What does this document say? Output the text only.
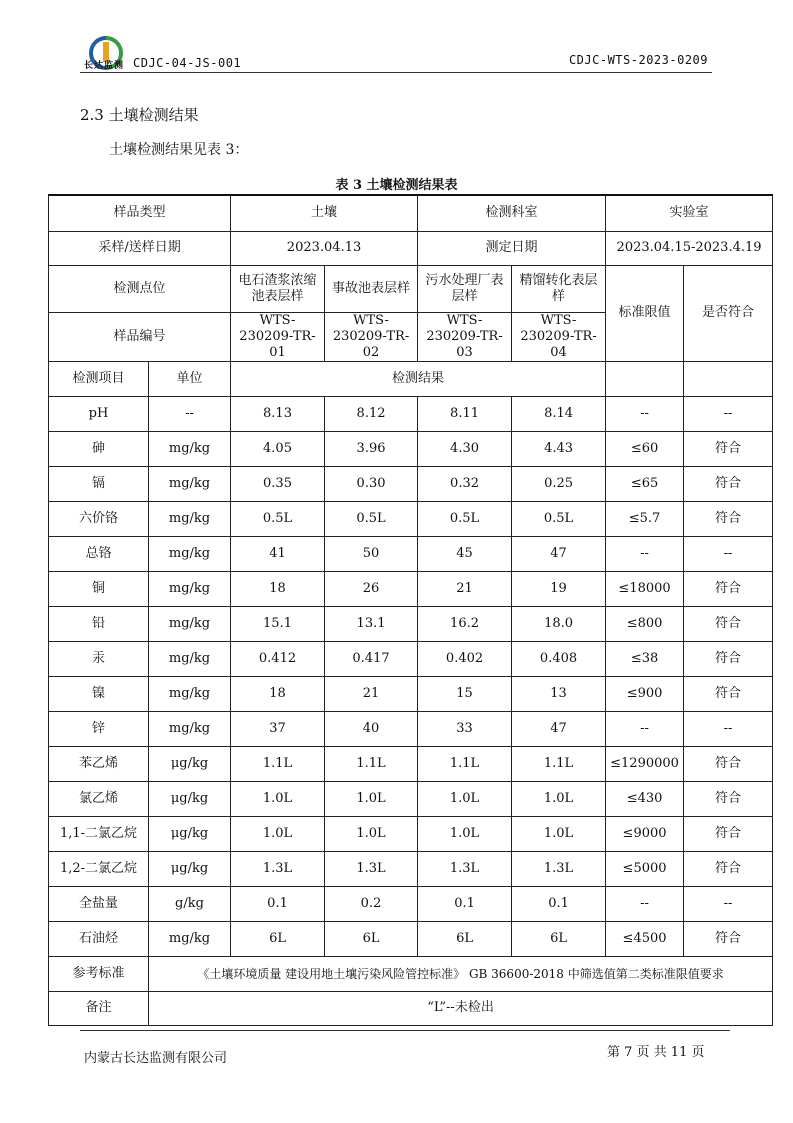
长达监测 CDJC-04-JS-001	CDJC-WTS-2023-0209
2.3 土壤检测结果
土壤检测结果见表 3：
表 3 土壤检测结果表
样品类型		土壤		检测科室		实验室	
采样/送样日期		2023.04.13		测定日期		2023.04.15-2023.4.19	
检测点位		电石渣浆浓缩池表层样	事故池表层样	污水处理厂表层样	精馏转化表层样	标准限值	是否符合
样品编号		WTS-230209-TR-01	WTS-230209-TR-02	WTS-230209-TR-03	WTS-230209-TR-04		
检测项目	单位	检测结果					
pH	--	8.13	8.12	8.11	8.14	--	--
砷	mg/kg	4.05	3.96	4.30	4.43	≤60	符合
镉	mg/kg	0.35	0.30	0.32	0.25	≤65	符合
六价铬	mg/kg	0.5L	0.5L	0.5L	0.5L	≤5.7	符合
总铬	mg/kg	41	50	45	47	--	--
铜	mg/kg	18	26	21	19	≤18000	符合
铅	mg/kg	15.1	13.1	16.2	18.0	≤800	符合
汞	mg/kg	0.412	0.417	0.402	0.408	≤38	符合
镍	mg/kg	18	21	15	13	≤900	符合
锌	mg/kg	37	40	33	47	--	--
苯乙烯	μg/kg	1.1L	1.1L	1.1L	1.1L	≤1290000	符合
氯乙烯	μg/kg	1.0L	1.0L	1.0L	1.0L	≤430	符合
1,1-二氯乙烷	μg/kg	1.0L	1.0L	1.0L	1.0L	≤9000	符合
1,2-二氯乙烷	μg/kg	1.3L	1.3L	1.3L	1.3L	≤5000	符合
全盐量	g/kg	0.1	0.2	0.1	0.1	--	--
石油烃	mg/kg	6L	6L	6L	6L	≤4500	符合
参考标准	《土壤环境质量 建设用地土壤污染风险管控标准》 GB 36600-2018 中筛选值第二类标准限值要求						
备注	“L”--未检出						
内蒙古长达监测有限公司	第 7 页 共 11 页
